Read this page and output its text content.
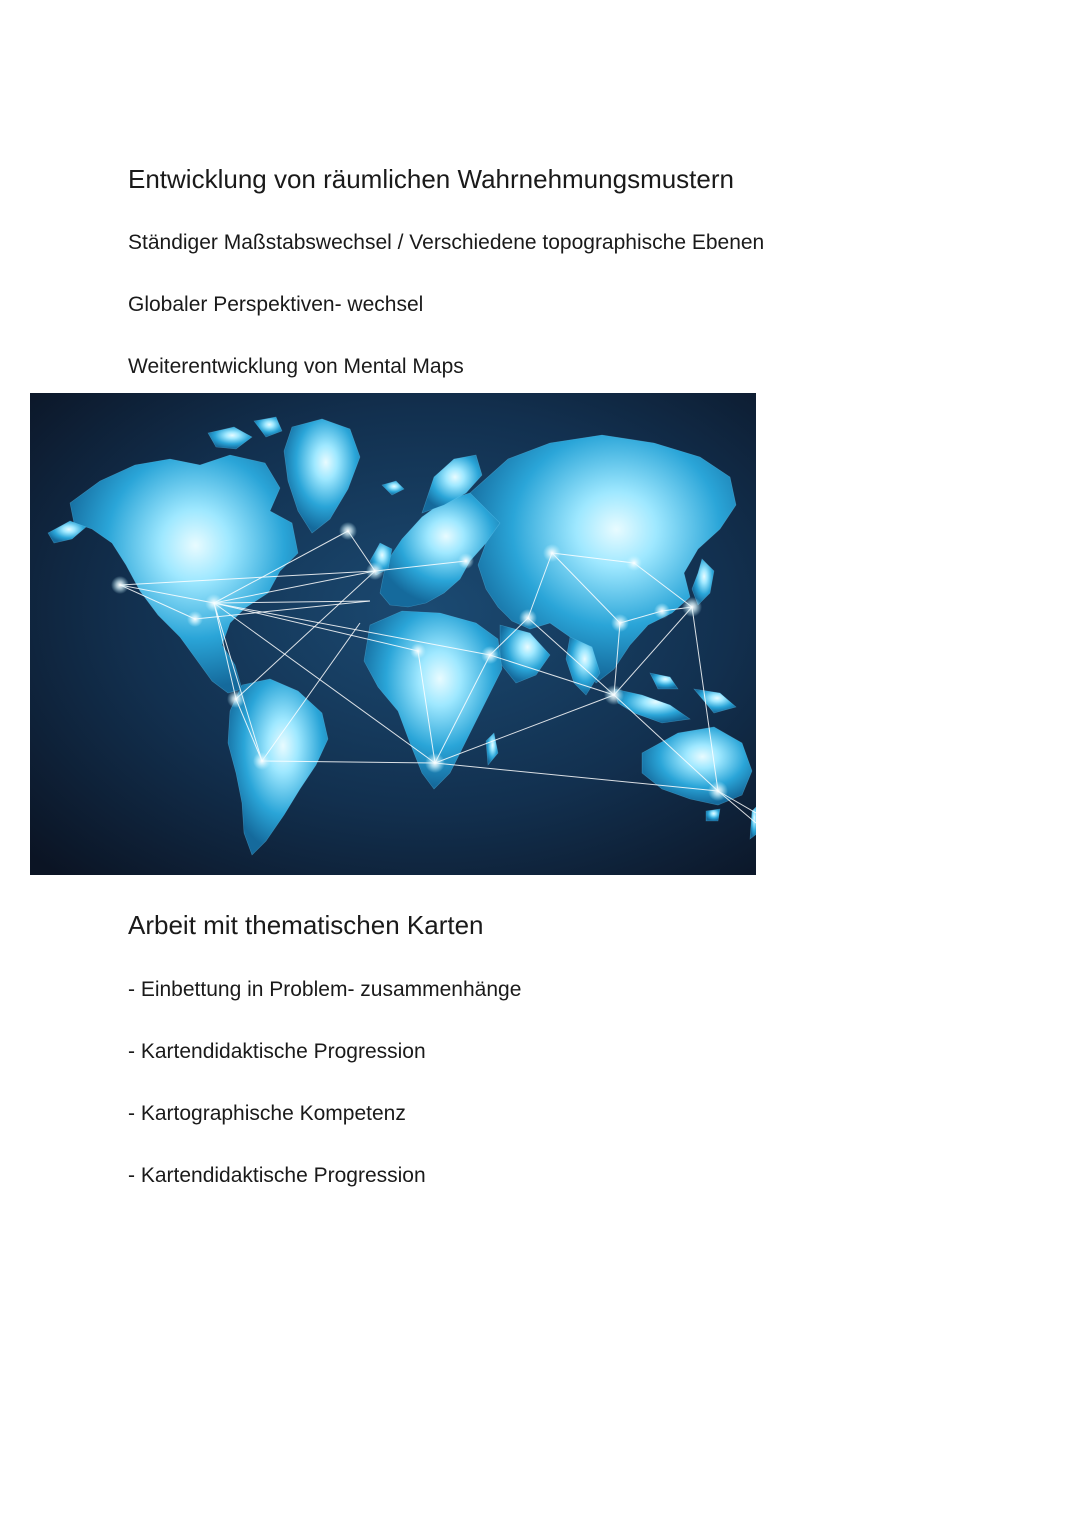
Entwicklung von räumlichen Wahrnehmungsmustern
Ständiger Maßstabswechsel / Verschiedene topographische Ebenen
Globaler Perspektiven- wechsel
Weiterentwicklung von Mental Maps
Arbeit mit thematischen Karten
- Einbettung in Problem- zusammenhänge
- Kartendidaktische Progression
- Kartographische Kompetenz
- Kartendidaktische Progression
